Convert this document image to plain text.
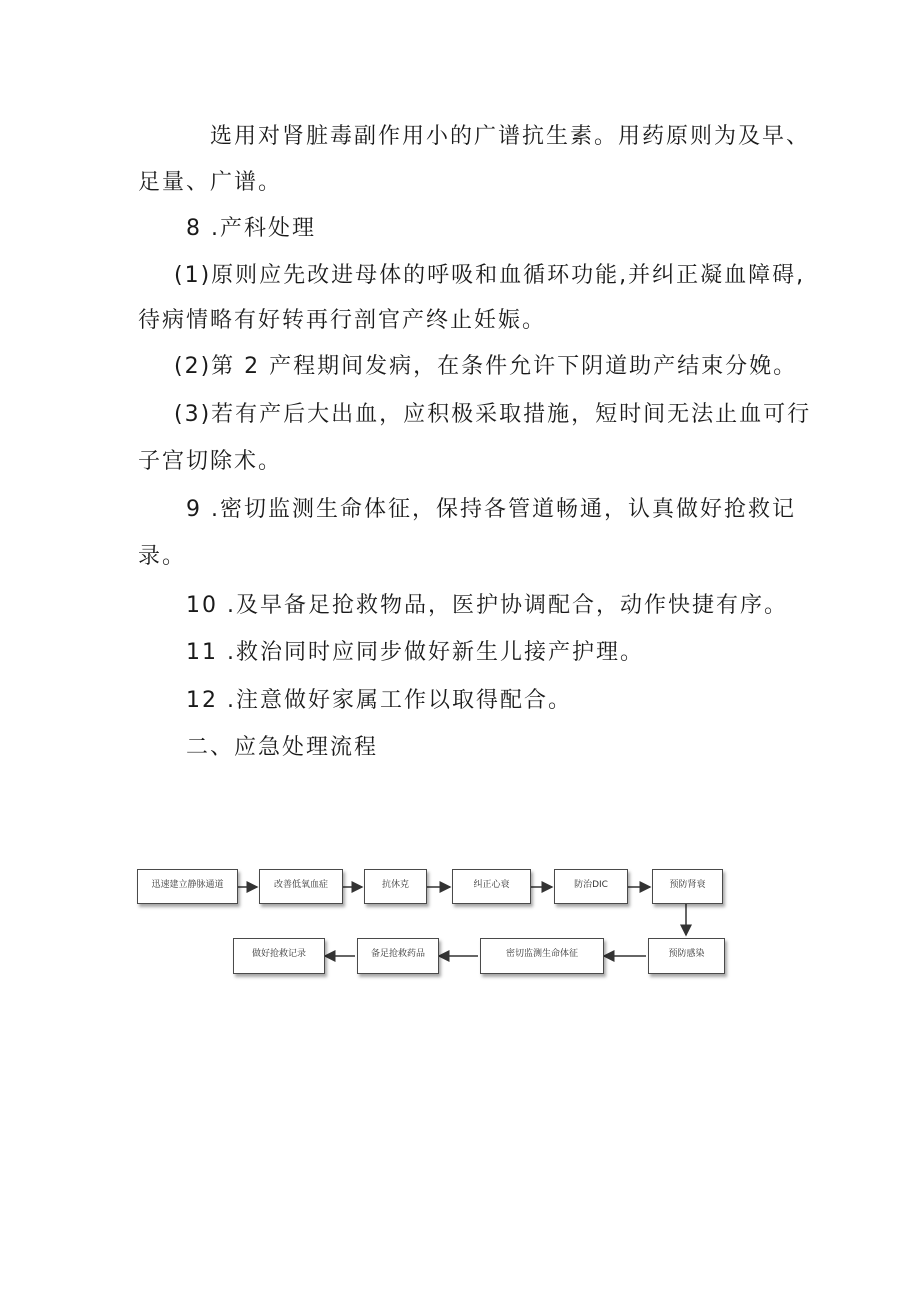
选用对肾脏毒副作用小的广谱抗生素。用药原则为及早、
足量、广谱。
8 .产科处理
(1)原则应先改进母体的呼吸和血循环功能,并纠正凝血障碍,
待病情略有好转再行剖官产终止妊娠。
(2)第 2 产程期间发病，在条件允许下阴道助产结束分娩。
(3)若有产后大出血，应积极采取措施，短时间无法止血可行
子宫切除术。
9 .密切监测生命体征，保持各管道畅通，认真做好抢救记
录。
10 .及早备足抢救物品，医护协调配合，动作快捷有序。
11 .救治同时应同步做好新生儿接产护理。
12 .注意做好家属工作以取得配合。
二、应急处理流程
迅速建立静脉通道	改善低氧血症	抗休克	纠正心衰	防治DIC	预防肾衰
预防感染
密切监测生命体征
备足抢救药品
做好抢救记录
